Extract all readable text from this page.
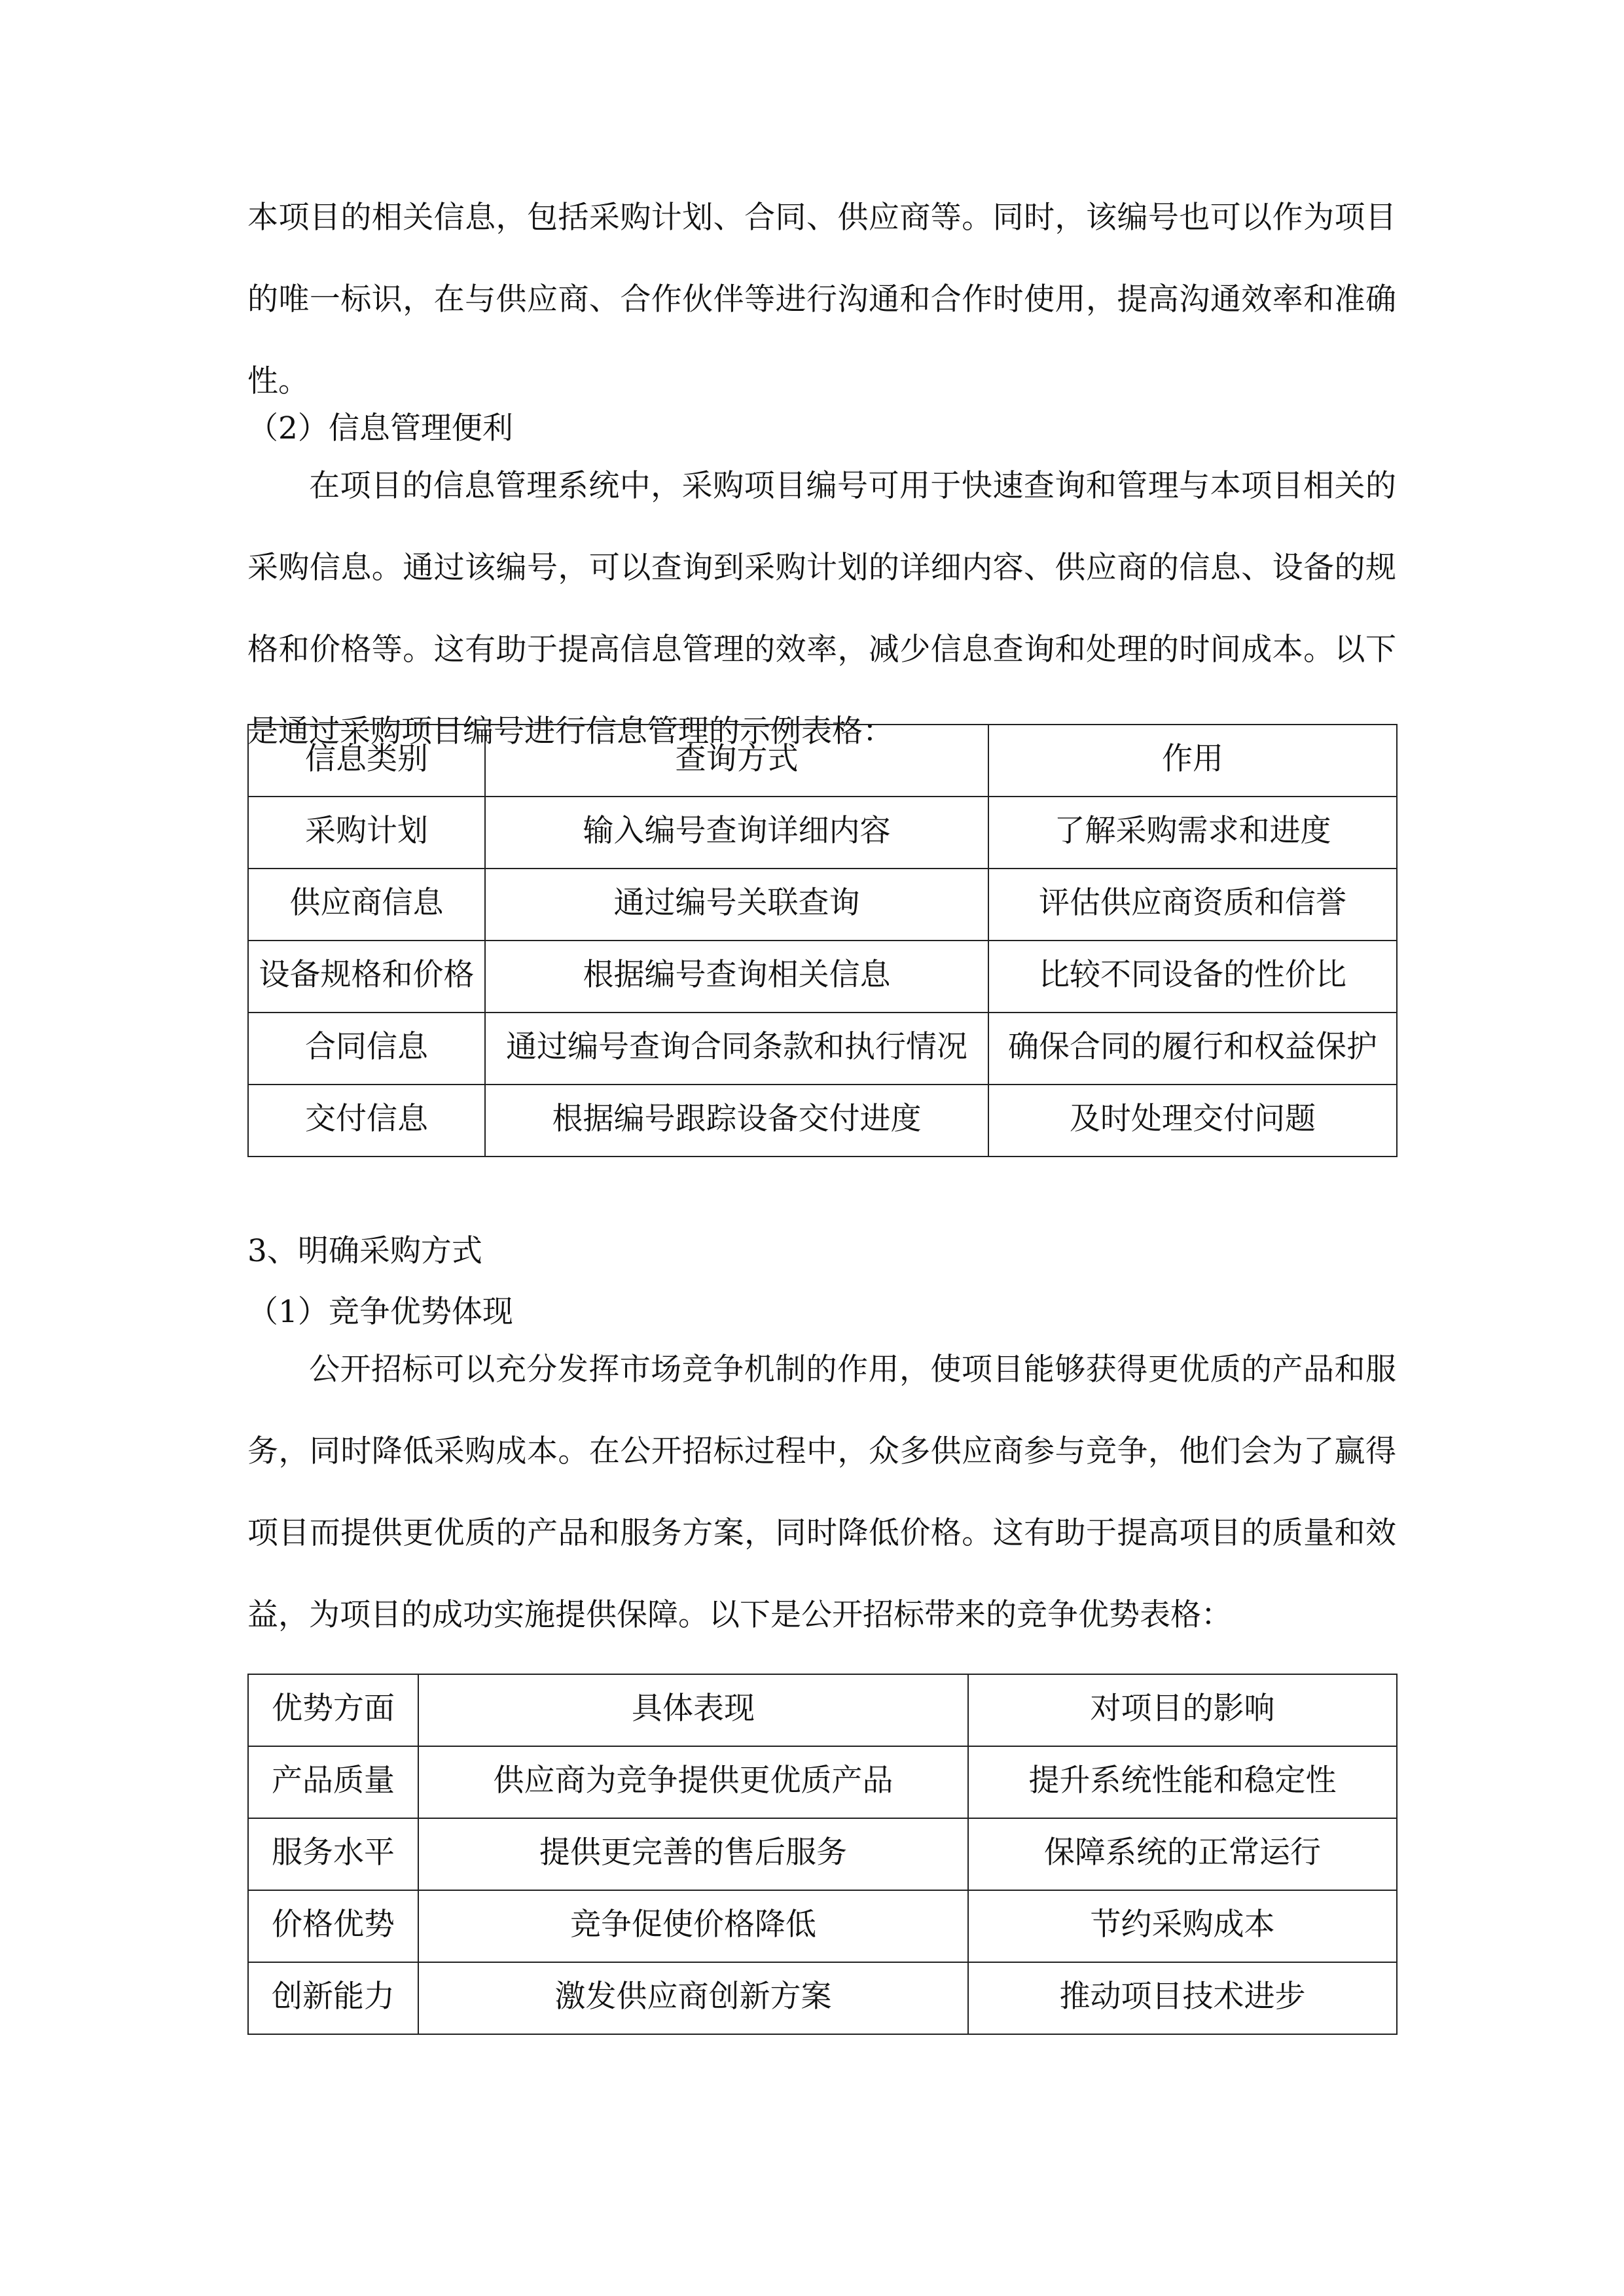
本项目的相关信息，包括采购计划、合同、供应商等。同时，该编号也可以作为项目的唯一标识，在与供应商、合作伙伴等进行沟通和合作时使用，提高沟通效率和准确性。

（2）信息管理便利

在项目的信息管理系统中，采购项目编号可用于快速查询和管理与本项目相关的采购信息。通过该编号，可以查询到采购计划的详细内容、供应商的信息、设备的规格和价格等。这有助于提高信息管理的效率，减少信息查询和处理的时间成本。以下是通过采购项目编号进行信息管理的示例表格：

信息类别	查询方式	作用
采购计划	输入编号查询详细内容	了解采购需求和进度
供应商信息	通过编号关联查询	评估供应商资质和信誉
设备规格和价格	根据编号查询相关信息	比较不同设备的性价比
合同信息	通过编号查询合同条款和执行情况	确保合同的履行和权益保护
交付信息	根据编号跟踪设备交付进度	及时处理交付问题

3、明确采购方式

（1）竞争优势体现

公开招标可以充分发挥市场竞争机制的作用，使项目能够获得更优质的产品和服务，同时降低采购成本。在公开招标过程中，众多供应商参与竞争，他们会为了赢得项目而提供更优质的产品和服务方案，同时降低价格。这有助于提高项目的质量和效益，为项目的成功实施提供保障。以下是公开招标带来的竞争优势表格：

优势方面	具体表现	对项目的影响
产品质量	供应商为竞争提供更优质产品	提升系统性能和稳定性
服务水平	提供更完善的售后服务	保障系统的正常运行
价格优势	竞争促使价格降低	节约采购成本
创新能力	激发供应商创新方案	推动项目技术进步
